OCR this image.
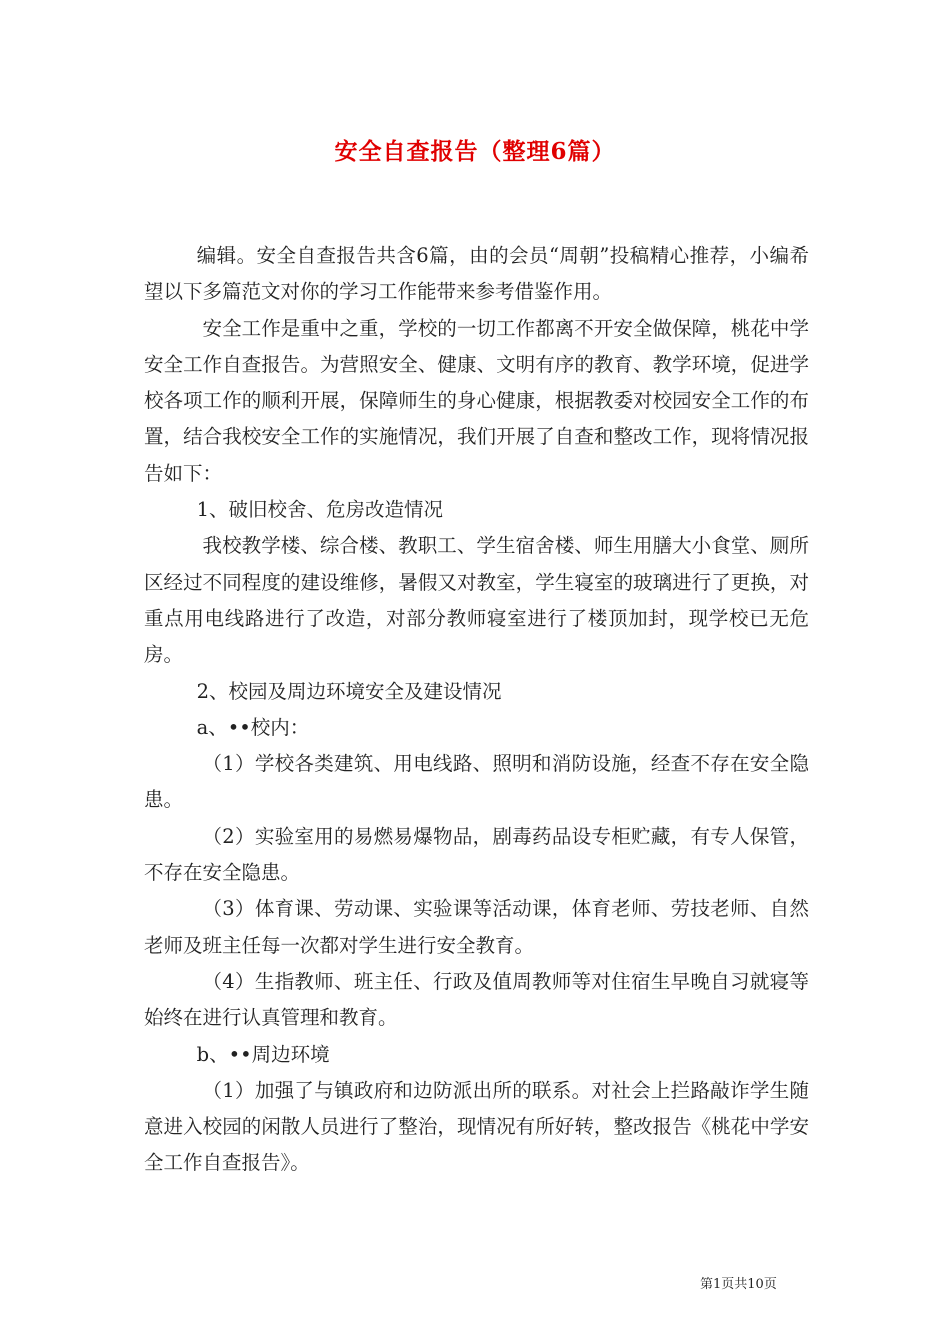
安全自查报告（整理6篇）

编辑。安全自查报告共含6篇，由的会员“周朝”投稿精心推荐，小编希望以下多篇范文对你的学习工作能带来参考借鉴作用。

安全工作是重中之重，学校的一切工作都离不开安全做保障，桃花中学安全工作自查报告。为营照安全、健康、文明有序的教育、教学环境，促进学校各项工作的顺利开展，保障师生的身心健康，根据教委对校园安全工作的布置，结合我校安全工作的实施情况，我们开展了自查和整改工作，现将情况报告如下：

1、破旧校舍、危房改造情况

我校教学楼、综合楼、教职工、学生宿舍楼、师生用膳大小食堂、厕所区经过不同程度的建设维修，暑假又对教室，学生寝室的玻璃进行了更换，对重点用电线路进行了改造，对部分教师寝室进行了楼顶加封，现学校已无危房。

2、校园及周边环境安全及建设情况

a、••校内：

（1）学校各类建筑、用电线路、照明和消防设施，经查不存在安全隐患。

（2）实验室用的易燃易爆物品，剧毒药品设专柜贮藏，有专人保管，不存在安全隐患。

（3）体育课、劳动课、实验课等活动课，体育老师、劳技老师、自然老师及班主任每一次都对学生进行安全教育。

（4）生指教师、班主任、行政及值周教师等对住宿生早晚自习就寝等始终在进行认真管理和教育。

b、••周边环境

（1）加强了与镇政府和边防派出所的联系。对社会上拦路敲诈学生随意进入校园的闲散人员进行了整治，现情况有所好转，整改报告《桃花中学安全工作自查报告》。

第1页共10页
